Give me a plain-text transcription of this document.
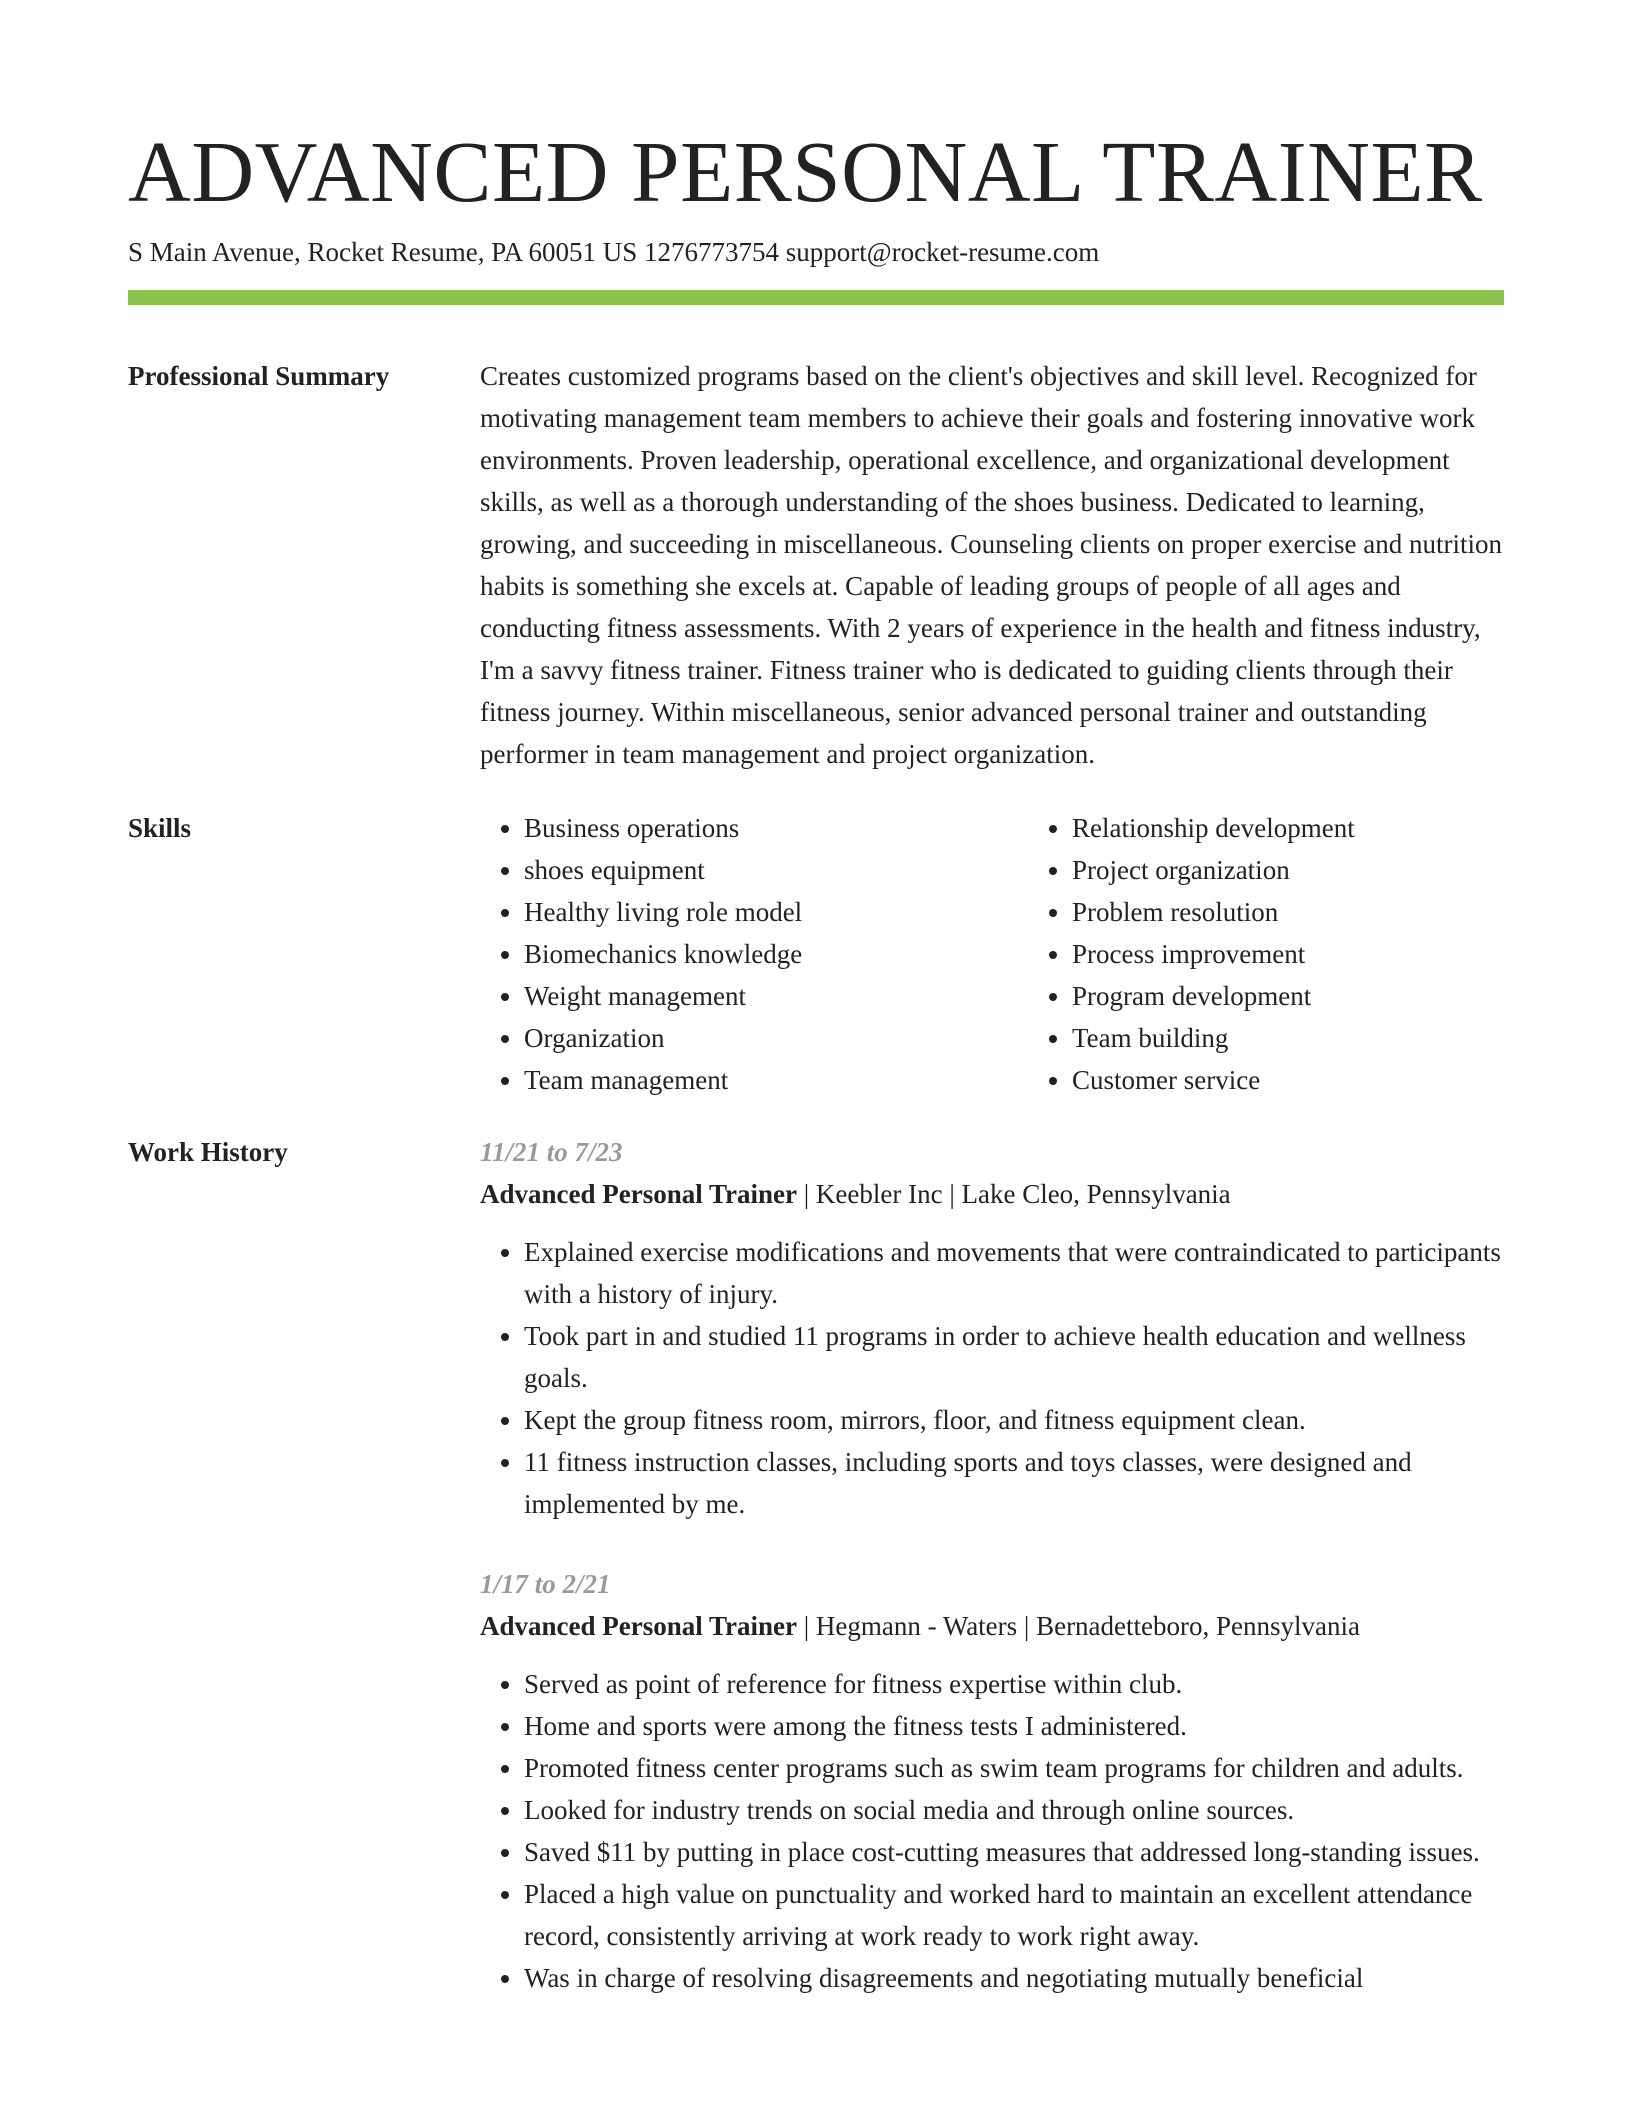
ADVANCED PERSONAL TRAINER
S Main Avenue, Rocket Resume, PA 60051 US 1276773754 support@rocket-resume.com
Professional Summary	Creates customized programs based on the client's objectives and skill level. Recognized for motivating management team members to achieve their goals and fostering innovative work environments. Proven leadership, operational excellence, and organizational development skills, as well as a thorough understanding of the shoes business. Dedicated to learning, growing, and succeeding in miscellaneous. Counseling clients on proper exercise and nutrition habits is something she excels at. Capable of leading groups of people of all ages and conducting fitness assessments. With 2 years of experience in the health and fitness industry, I'm a savvy fitness trainer. Fitness trainer who is dedicated to guiding clients through their fitness journey. Within miscellaneous, senior advanced personal trainer and outstanding performer in team management and project organization.

Skills
•	Business operations
• shoes equipment
• Healthy living role model
• Biomechanics knowledge
• Weight management
• Organization
• Team management
• Relationship development
• Project organization
• Problem resolution
• Process improvement
• Program development
• Team building
• Customer service
Work History	11/21 to 7/23
Advanced Personal Trainer | Keebler Inc | Lake Cleo, Pennsylvania
• Explained exercise modifications and movements that were contraindicated to participants with a history of injury.
• Took part in and studied 11 programs in order to achieve health education and wellness goals.
• Kept the group fitness room, mirrors, floor, and fitness equipment clean.
• 11 fitness instruction classes, including sports and toys classes, were designed and implemented by me.
1/17 to 2/21
Advanced Personal Trainer | Hegmann - Waters | Bernadetteboro, Pennsylvania
• Served as point of reference for fitness expertise within club.
• Home and sports were among the fitness tests I administered.
• Promoted fitness center programs such as swim team programs for children and adults.
• Looked for industry trends on social media and through online sources.
• Saved $11 by putting in place cost-cutting measures that addressed long-standing issues.
• Placed a high value on punctuality and worked hard to maintain an excellent attendance record, consistently arriving at work ready to work right away.
• Was in charge of resolving disagreements and negotiating mutually beneficial
